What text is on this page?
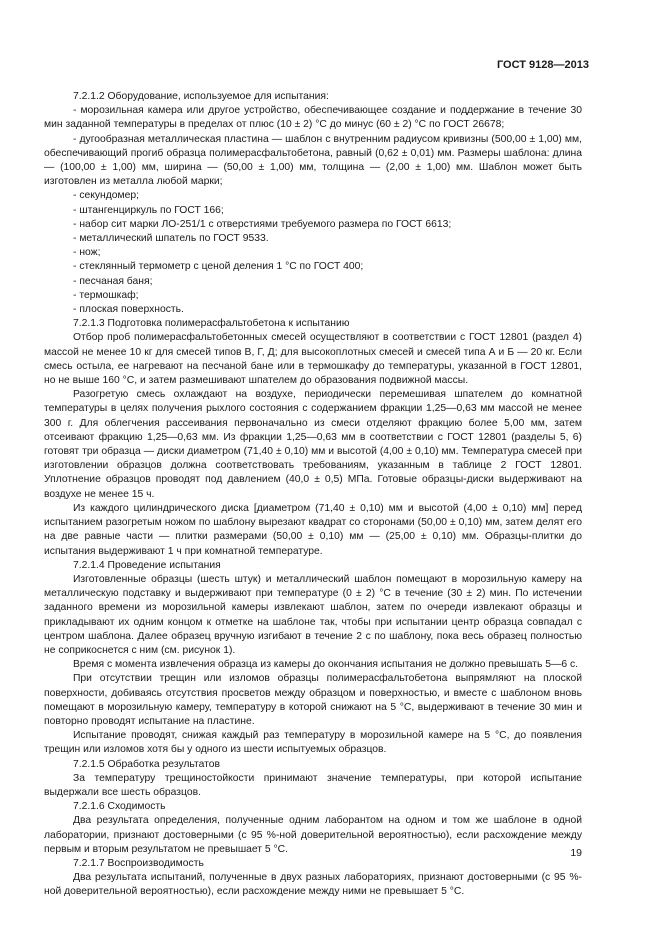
ГОСТ 9128—2013

7.2.1.2 Оборудование, используемое для испытания:

- морозильная камера или другое устройство, обеспечивающее создание и поддержание в течение 30 мин заданной температуры в пределах от плюс (10 ± 2) °С до минус (60 ± 2) °С по ГОСТ 26678;

- дугообразная металлическая пластина — шаблон с внутренним радиусом кривизны (500,00 ± 1,00) мм, обеспечивающий прогиб образца полимерасфальтобетона, равный (0,62 ± 0,01) мм. Размеры шаблона: длина — (100,00 ± 1,00) мм, ширина — (50,00 ± 1,00) мм, толщина — (2,00 ± 1,00) мм. Шаблон может быть изготовлен из металла любой марки;

- секундомер;

- штангенциркуль по ГОСТ 166;

- набор сит марки ЛО-251/1 с отверстиями требуемого размера по ГОСТ 6613;

- металлический шпатель по ГОСТ 9533.

- нож;

- стеклянный термометр с ценой деления 1 °С по ГОСТ 400;

- песчаная баня;

- термошкаф;

- плоская поверхность.

7.2.1.3 Подготовка полимерасфальтобетона к испытанию

Отбор проб полимерасфальтобетонных смесей осуществляют в соответствии с ГОСТ 12801 (раздел 4) массой не менее 10 кг для смесей типов В, Г, Д; для высокоплотных смесей и смесей типа А и Б — 20 кг. Если смесь остыла, ее нагревают на песчаной бане или в термошкафу до температуры, указанной в ГОСТ 12801, но не выше 160 °С, и затем размешивают шпателем до образования подвижной массы.

Разогретую смесь охлаждают на воздухе, периодически перемешивая шпателем до комнатной температуры в целях получения рыхлого состояния с содержанием фракции 1,25—0,63 мм массой не менее 300 г. Для облегчения рассеивания первоначально из смеси отделяют фракцию более 5,00 мм, затем отсеивают фракцию 1,25—0,63 мм. Из фракции 1,25—0,63 мм в соответствии с ГОСТ 12801 (разделы 5, 6) готовят три образца — диски диаметром (71,40 ± 0,10) мм и высотой (4,00 ± 0,10) мм. Температура смесей при изготовлении образцов должна соответствовать требованиям, указанным в таблице 2 ГОСТ 12801. Уплотнение образцов проводят под давлением (40,0 ± 0,5) МПа. Готовые образцы-диски выдерживают на воздухе не менее 15 ч.

Из каждого цилиндрического диска [диаметром (71,40 ± 0,10) мм и высотой (4,00 ± 0,10) мм] перед испытанием разогретым ножом по шаблону вырезают квадрат со сторонами (50,00 ± 0,10) мм, затем делят его на две равные части — плитки размерами (50,00 ± 0,10) мм — (25,00 ± 0,10) мм. Образцы-плитки до испытания выдерживают 1 ч при комнатной температуре.

7.2.1.4 Проведение испытания

Изготовленные образцы (шесть штук) и металлический шаблон помещают в морозильную камеру на металлическую подставку и выдерживают при температуре (0 ± 2) °С в течение (30 ± 2) мин. По истечении заданного времени из морозильной камеры извлекают шаблон, затем по очереди извлекают образцы и прикладывают их одним концом к отметке на шаблоне так, чтобы при испытании центр образца совпадал с центром шаблона. Далее образец вручную изгибают в течение 2 с по шаблону, пока весь образец полностью не соприкоснется с ним (см. рисунок 1).

Время с момента извлечения образца из камеры до окончания испытания не должно превышать 5—6 с.

При отсутствии трещин или изломов образцы полимерасфальтобетона выпрямляют на плоской поверхности, добиваясь отсутствия просветов между образцом и поверхностью, и вместе с шаблоном вновь помещают в морозильную камеру, температуру в которой снижают на 5 °С, выдерживают в течение 30 мин и повторно проводят испытание на пластине.

Испытание проводят, снижая каждый раз температуру в морозильной камере на 5 °С, до появления трещин или изломов хотя бы у одного из шести испытуемых образцов.

7.2.1.5 Обработка результатов

За температуру трещиностойкости принимают значение температуры, при которой испытание выдержали все шесть образцов.

7.2.1.6 Сходимость

Два результата определения, полученные одним лаборантом на одном и том же шаблоне в одной лаборатории, признают достоверными (с 95 %-ной доверительной вероятностью), если расхождение между первым и вторым результатом не превышает 5 °С.

7.2.1.7 Воспроизводимость

Два результата испытаний, полученные в двух разных лабораториях, признают достоверными (с 95 %-ной доверительной вероятностью), если расхождение между ними не превышает 5 °С.

19
